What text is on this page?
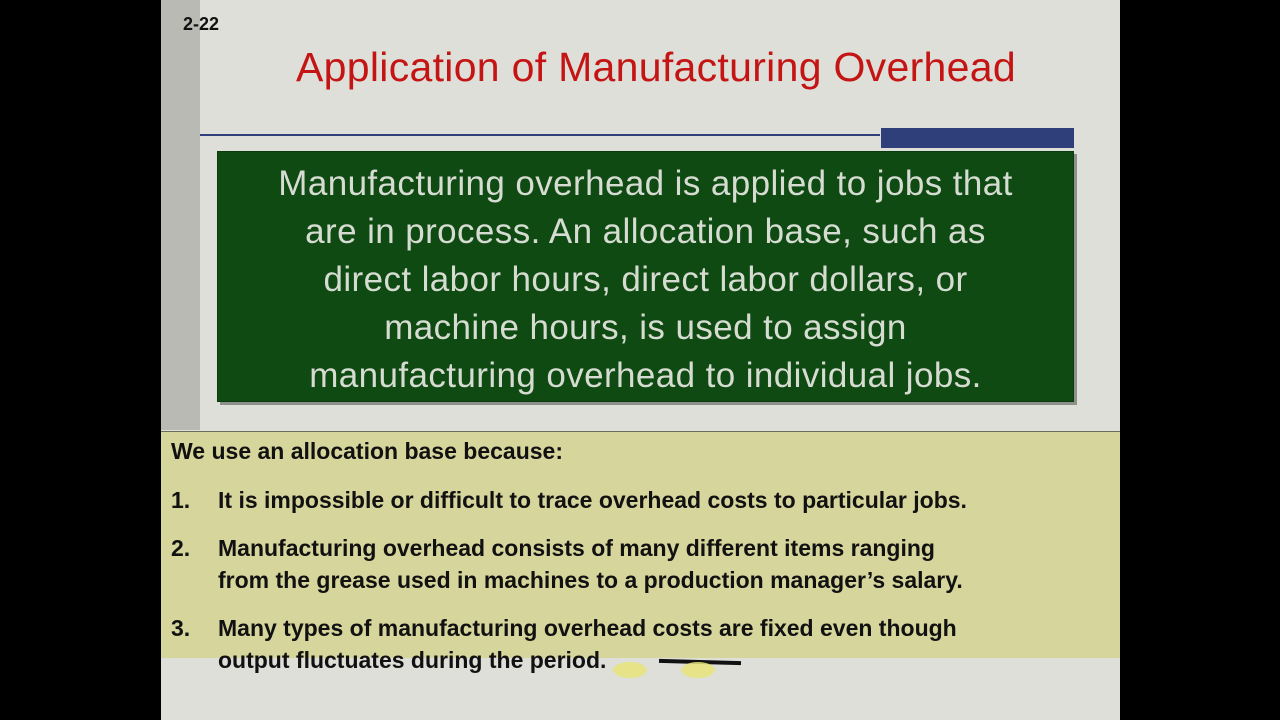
2-22
Application of Manufacturing Overhead
Manufacturing overhead is applied to jobs that
are in process. An allocation base, such as
direct labor hours, direct labor dollars, or
machine hours, is used to assign
manufacturing overhead to individual jobs.
We use an allocation base because:
1.	It is impossible or difficult to trace overhead costs to particular jobs.
2.	Manufacturing overhead consists of many different items ranging
from the grease used in machines to a production manager’s salary.
3.	Many types of manufacturing overhead costs are fixed even though
output fluctuates during the period.
